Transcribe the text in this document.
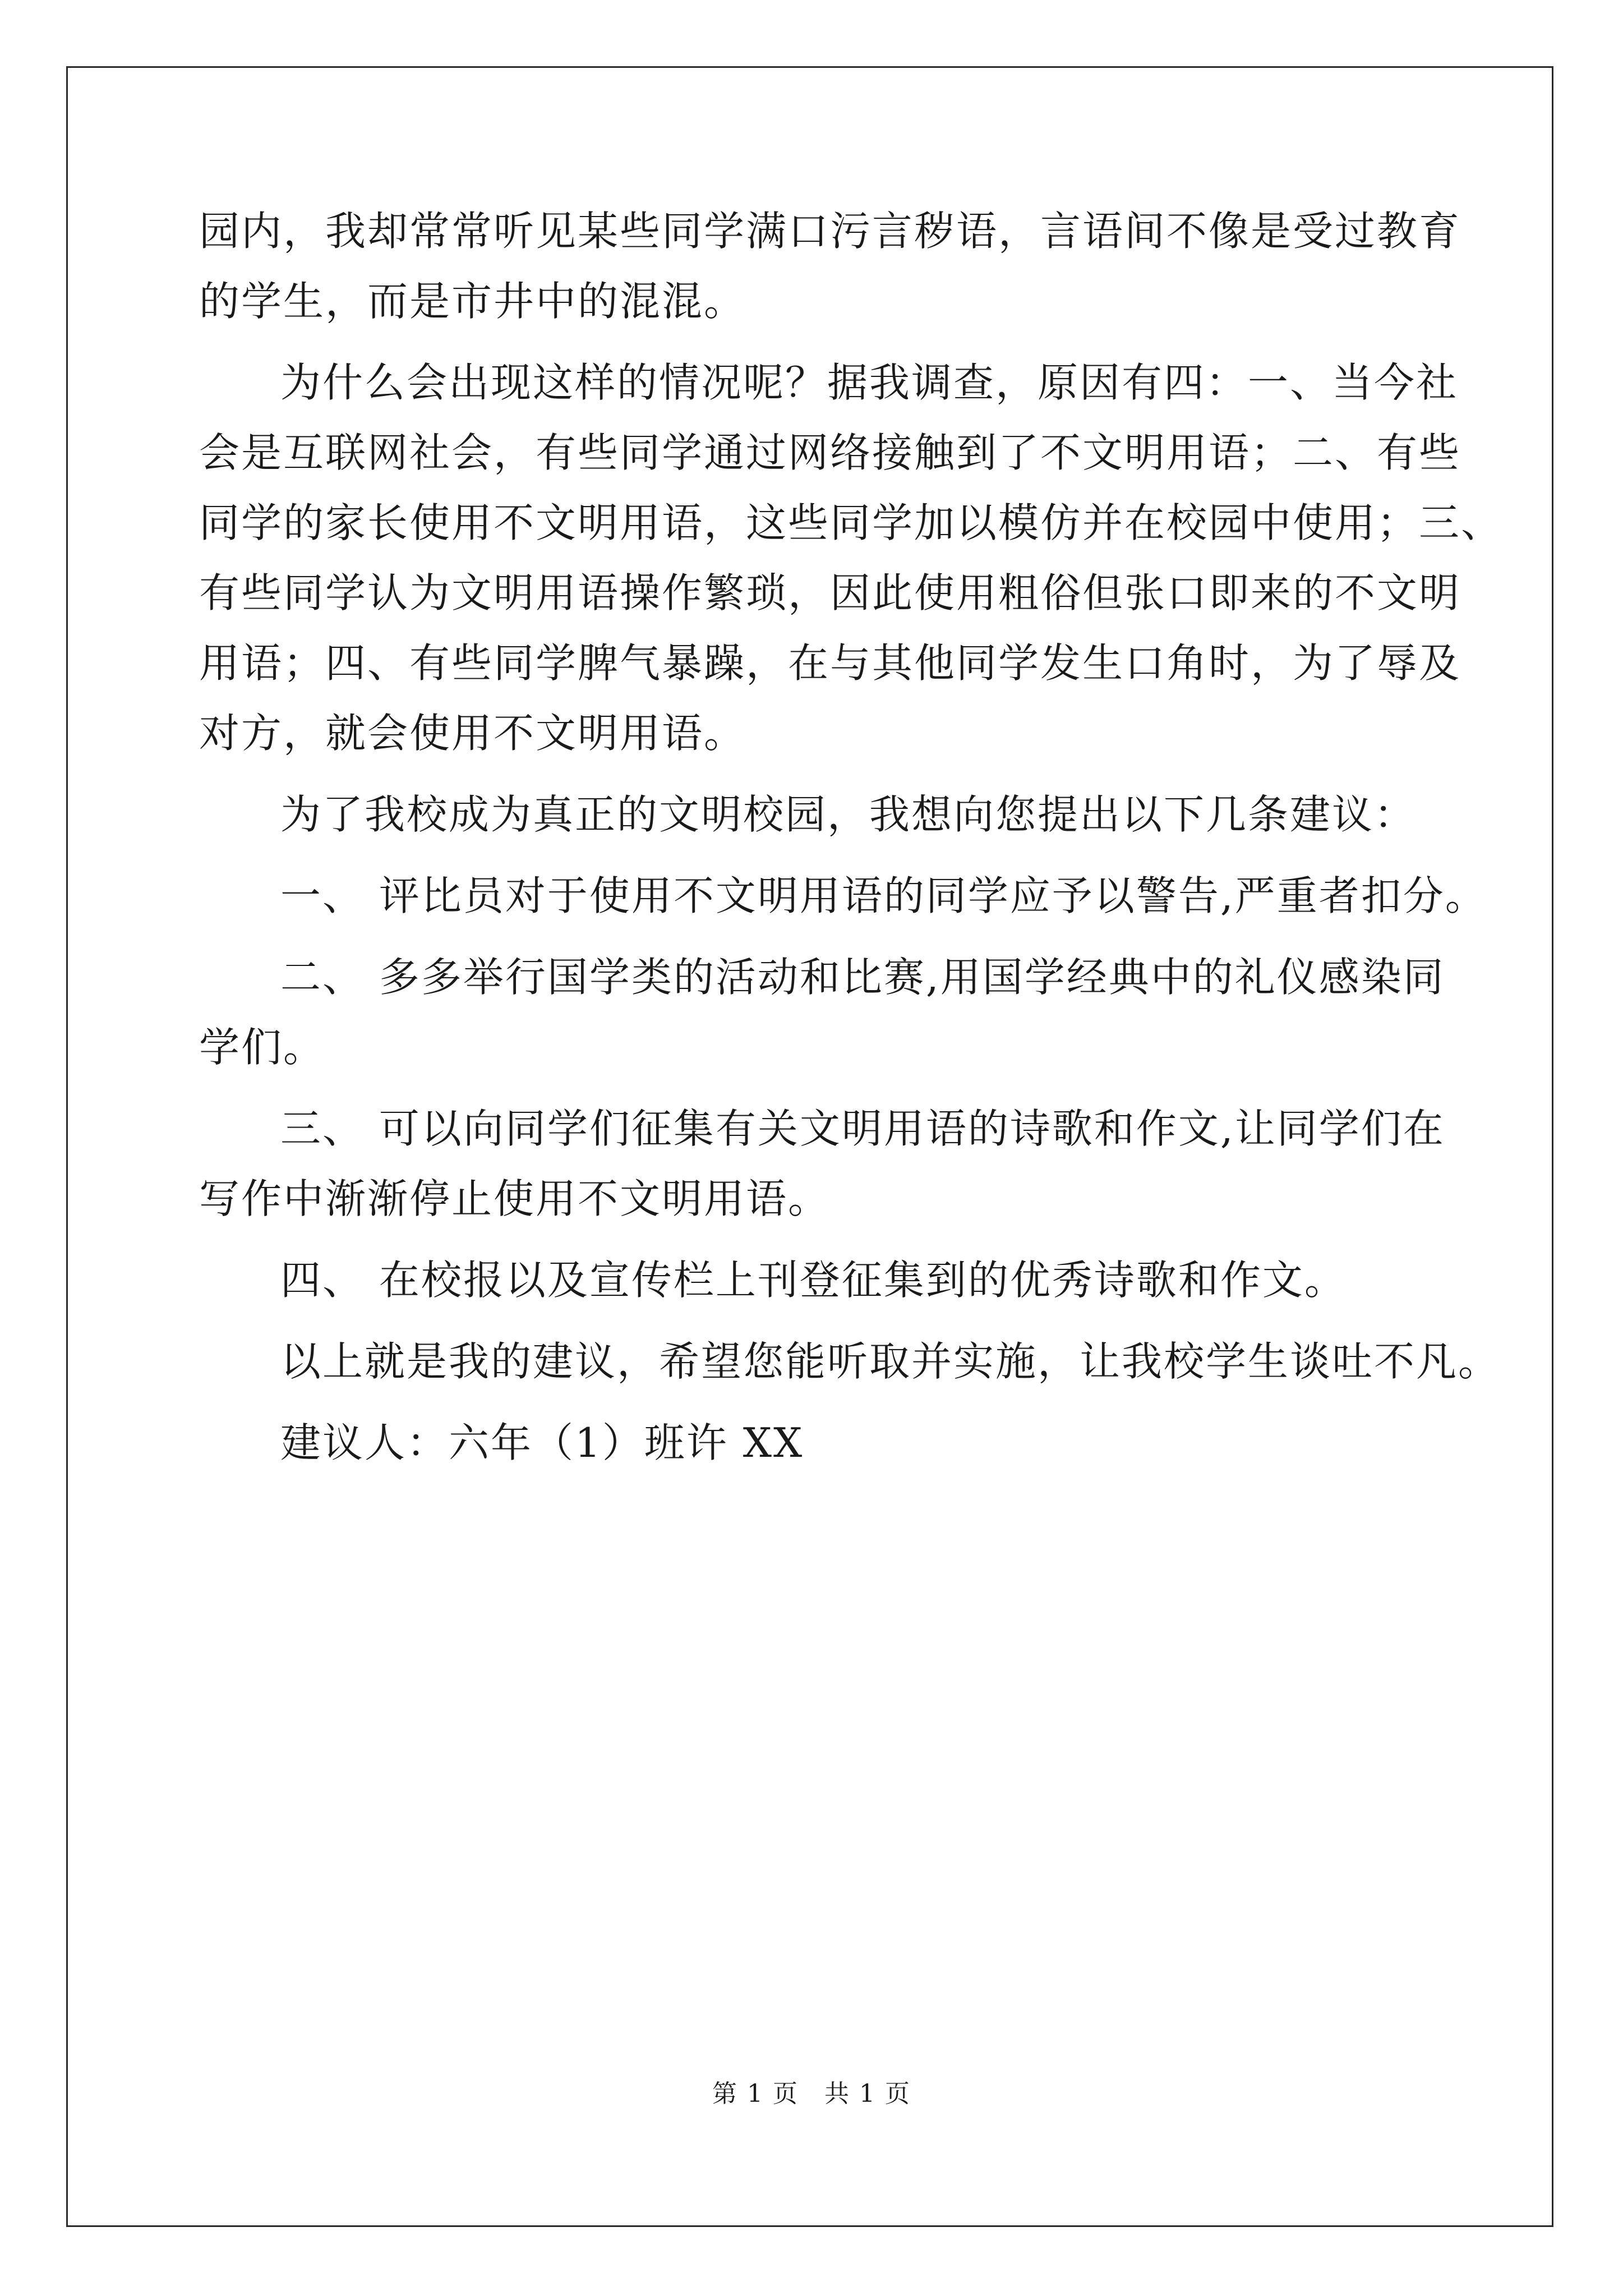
园内，我却常常听见某些同学满口污言秽语，言语间不像是受过教育
的学生，而是市井中的混混。
为什么会出现这样的情况呢？据我调查，原因有四：一、当今社
会是互联网社会，有些同学通过网络接触到了不文明用语；二、有些
同学的家长使用不文明用语，这些同学加以模仿并在校园中使用；三、
有些同学认为文明用语操作繁琐，因此使用粗俗但张口即来的不文明
用语；四、有些同学脾气暴躁，在与其他同学发生口角时，为了辱及
对方，就会使用不文明用语。
为了我校成为真正的文明校园，我想向您提出以下几条建议：
一、 评比员对于使用不文明用语的同学应予以警告,严重者扣分。
二、 多多举行国学类的活动和比赛,用国学经典中的礼仪感染同
学们。
三、 可以向同学们征集有关文明用语的诗歌和作文,让同学们在
写作中渐渐停止使用不文明用语。
四、 在校报以及宣传栏上刊登征集到的优秀诗歌和作文。
以上就是我的建议，希望您能听取并实施，让我校学生谈吐不凡。
建议人：六年（1）班许 XX
第 1 页　共 1 页
